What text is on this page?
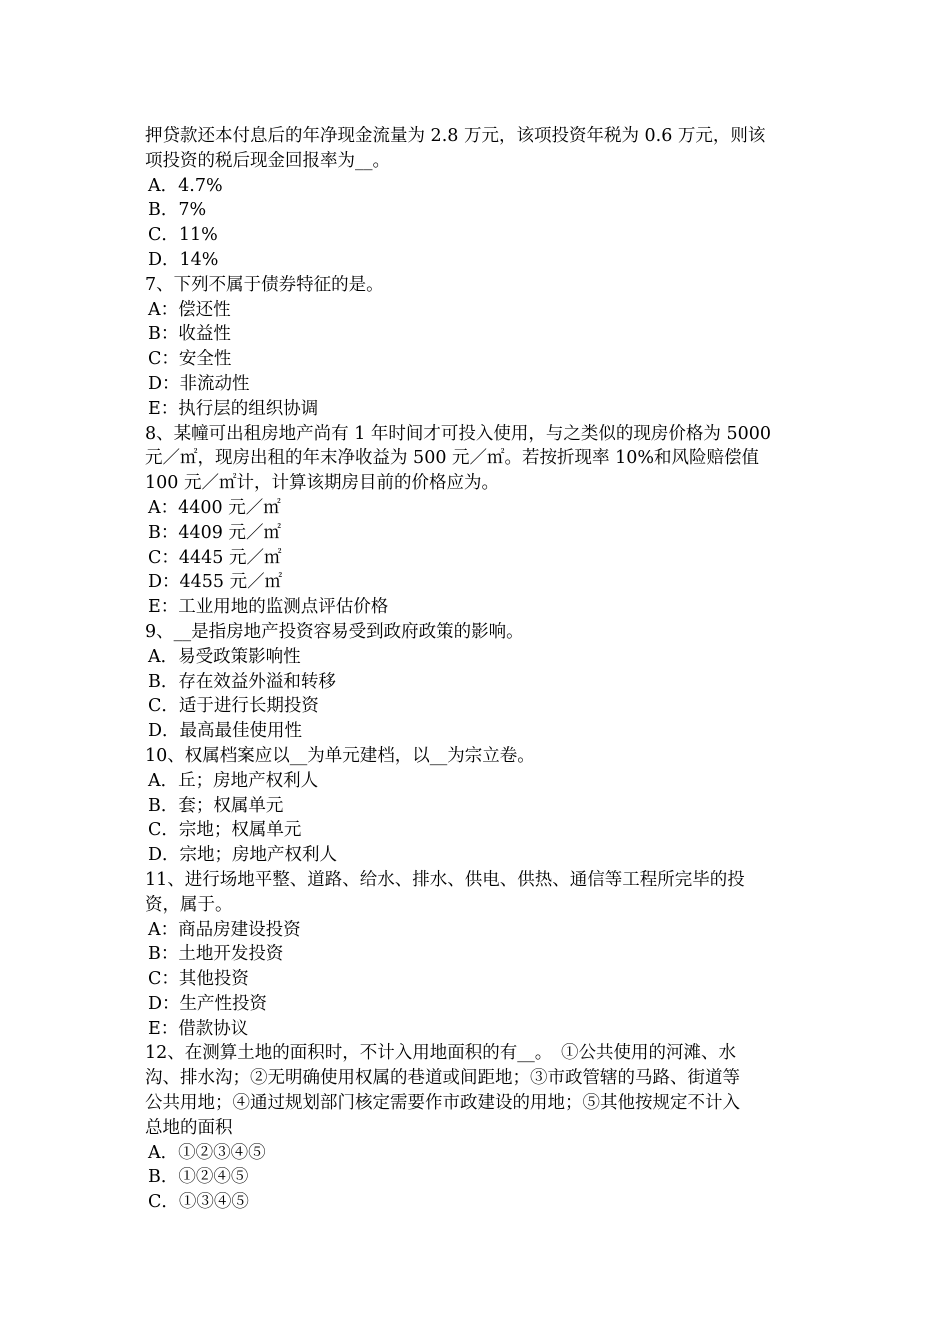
押贷款还本付息后的年净现金流量为 2.8 万元，该项投资年税为 0.6 万元，则该
项投资的税后现金回报率为__。
A．4.7%
B．7%
C．11%
D．14%
7、下列不属于债券特征的是。
A：偿还性
B：收益性
C：安全性
D：非流动性
E：执行层的组织协调
8、某幢可出租房地产尚有 1 年时间才可投入使用，与之类似的现房价格为 5000
元／㎡，现房出租的年末净收益为 500 元／㎡。若按折现率 10%和风险赔偿值
100 元／㎡计，计算该期房目前的价格应为。
A：4400 元／㎡
B：4409 元／㎡
C：4445 元／㎡
D：4455 元／㎡
E：工业用地的监测点评估价格
9、__是指房地产投资容易受到政府政策的影响。
A．易受政策影响性
B．存在效益外溢和转移
C．适于进行长期投资
D．最高最佳使用性
10、权属档案应以__为单元建档，以__为宗立卷。
A．丘；房地产权利人
B．套；权属单元
C．宗地；权属单元
D．宗地；房地产权利人
11、进行场地平整、道路、给水、排水、供电、供热、通信等工程所完毕的投
资，属于。
A：商品房建设投资
B：土地开发投资
C：其他投资
D：生产性投资
E：借款协议
12、在测算土地的面积时，不计入用地面积的有__。　①公共使用的河滩、水
沟、排水沟；②无明确使用权属的巷道或间距地；③市政管辖的马路、街道等
公共用地；④通过规划部门核定需要作市政建设的用地；⑤其他按规定不计入
总地的面积
A．①②③④⑤
B．①②④⑤
C．①③④⑤
